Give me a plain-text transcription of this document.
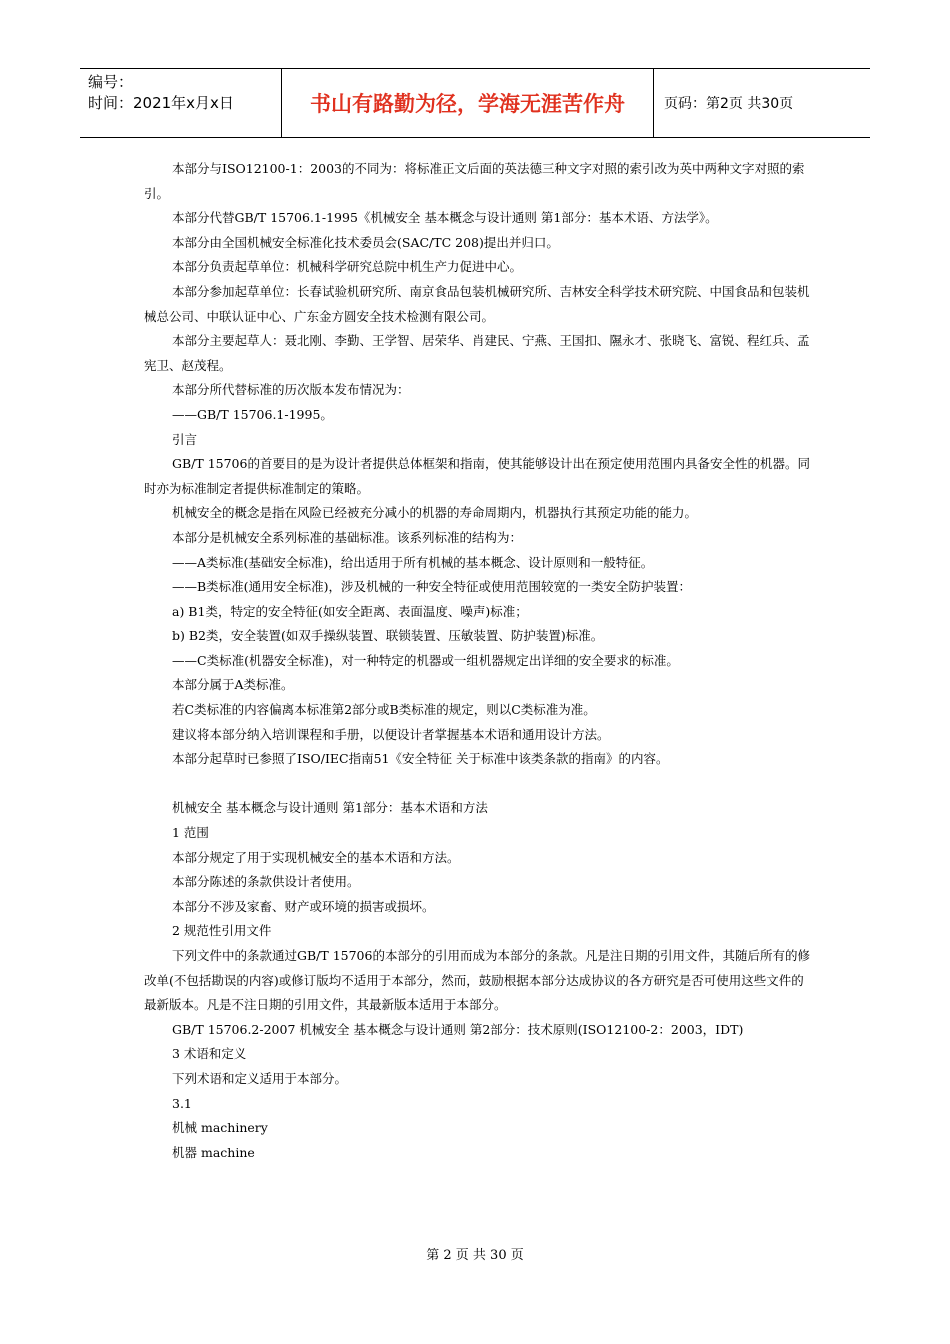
编号：
时间：2021年x月x日	书山有路勤为径，学海无涯苦作舟	页码：第2页 共30页

本部分与ISO12100-1：2003的不同为：将标准正文后面的英法德三种文字对照的索引改为英中两种文字对照的索引。

本部分代替GB/T 15706.1-1995《机械安全 基本概念与设计通则 第1部分：基本术语、方法学》。

本部分由全国机械安全标准化技术委员会(SAC/TC 208)提出并归口。

本部分负责起草单位：机械科学研究总院中机生产力促进中心。

本部分参加起草单位：长春试验机研究所、南京食品包装机械研究所、吉林安全科学技术研究院、中国食品和包装机械总公司、中联认证中心、广东金方圆安全技术检测有限公司。

本部分主要起草人：聂北刚、李勤、王学智、居荣华、肖建民、宁燕、王国扣、隰永才、张晓飞、富锐、程红兵、孟宪卫、赵茂程。

本部分所代替标准的历次版本发布情况为：

——GB/T 15706.1-1995。

引言

GB/T 15706的首要目的是为设计者提供总体框架和指南，使其能够设计出在预定使用范围内具备安全性的机器。同时亦为标准制定者提供标准制定的策略。

机械安全的概念是指在风险已经被充分减小的机器的寿命周期内，机器执行其预定功能的能力。

本部分是机械安全系列标准的基础标准。该系列标准的结构为：

——A类标准(基础安全标准)，给出适用于所有机械的基本概念、设计原则和一般特征。

——B类标准(通用安全标准)，涉及机械的一种安全特征或使用范围较宽的一类安全防护装置：

a) B1类，特定的安全特征(如安全距离、表面温度、噪声)标准；

b) B2类，安全装置(如双手操纵装置、联锁装置、压敏装置、防护装置)标准。

——C类标准(机器安全标准)，对一种特定的机器或一组机器规定出详细的安全要求的标准。

本部分属于A类标准。

若C类标准的内容偏离本标准第2部分或B类标准的规定，则以C类标准为准。

建议将本部分纳入培训课程和手册，以便设计者掌握基本术语和通用设计方法。

本部分起草时已参照了ISO/IEC指南51《安全特征 关于标准中该类条款的指南》的内容。

机械安全 基本概念与设计通则 第1部分：基本术语和方法

1 范围

本部分规定了用于实现机械安全的基本术语和方法。

本部分陈述的条款供设计者使用。

本部分不涉及家畜、财产或环境的损害或损坏。

2 规范性引用文件

下列文件中的条款通过GB/T 15706的本部分的引用而成为本部分的条款。凡是注日期的引用文件，其随后所有的修改单(不包括勘误的内容)或修订版均不适用于本部分，然而，鼓励根据本部分达成协议的各方研究是否可使用这些文件的最新版本。凡是不注日期的引用文件，其最新版本适用于本部分。

GB/T 15706.2-2007 机械安全 基本概念与设计通则 第2部分：技术原则(ISO12100-2：2003，IDT)

3 术语和定义

下列术语和定义适用于本部分。

3.1

机械 machinery

机器 machine

第 2 页 共 30 页
